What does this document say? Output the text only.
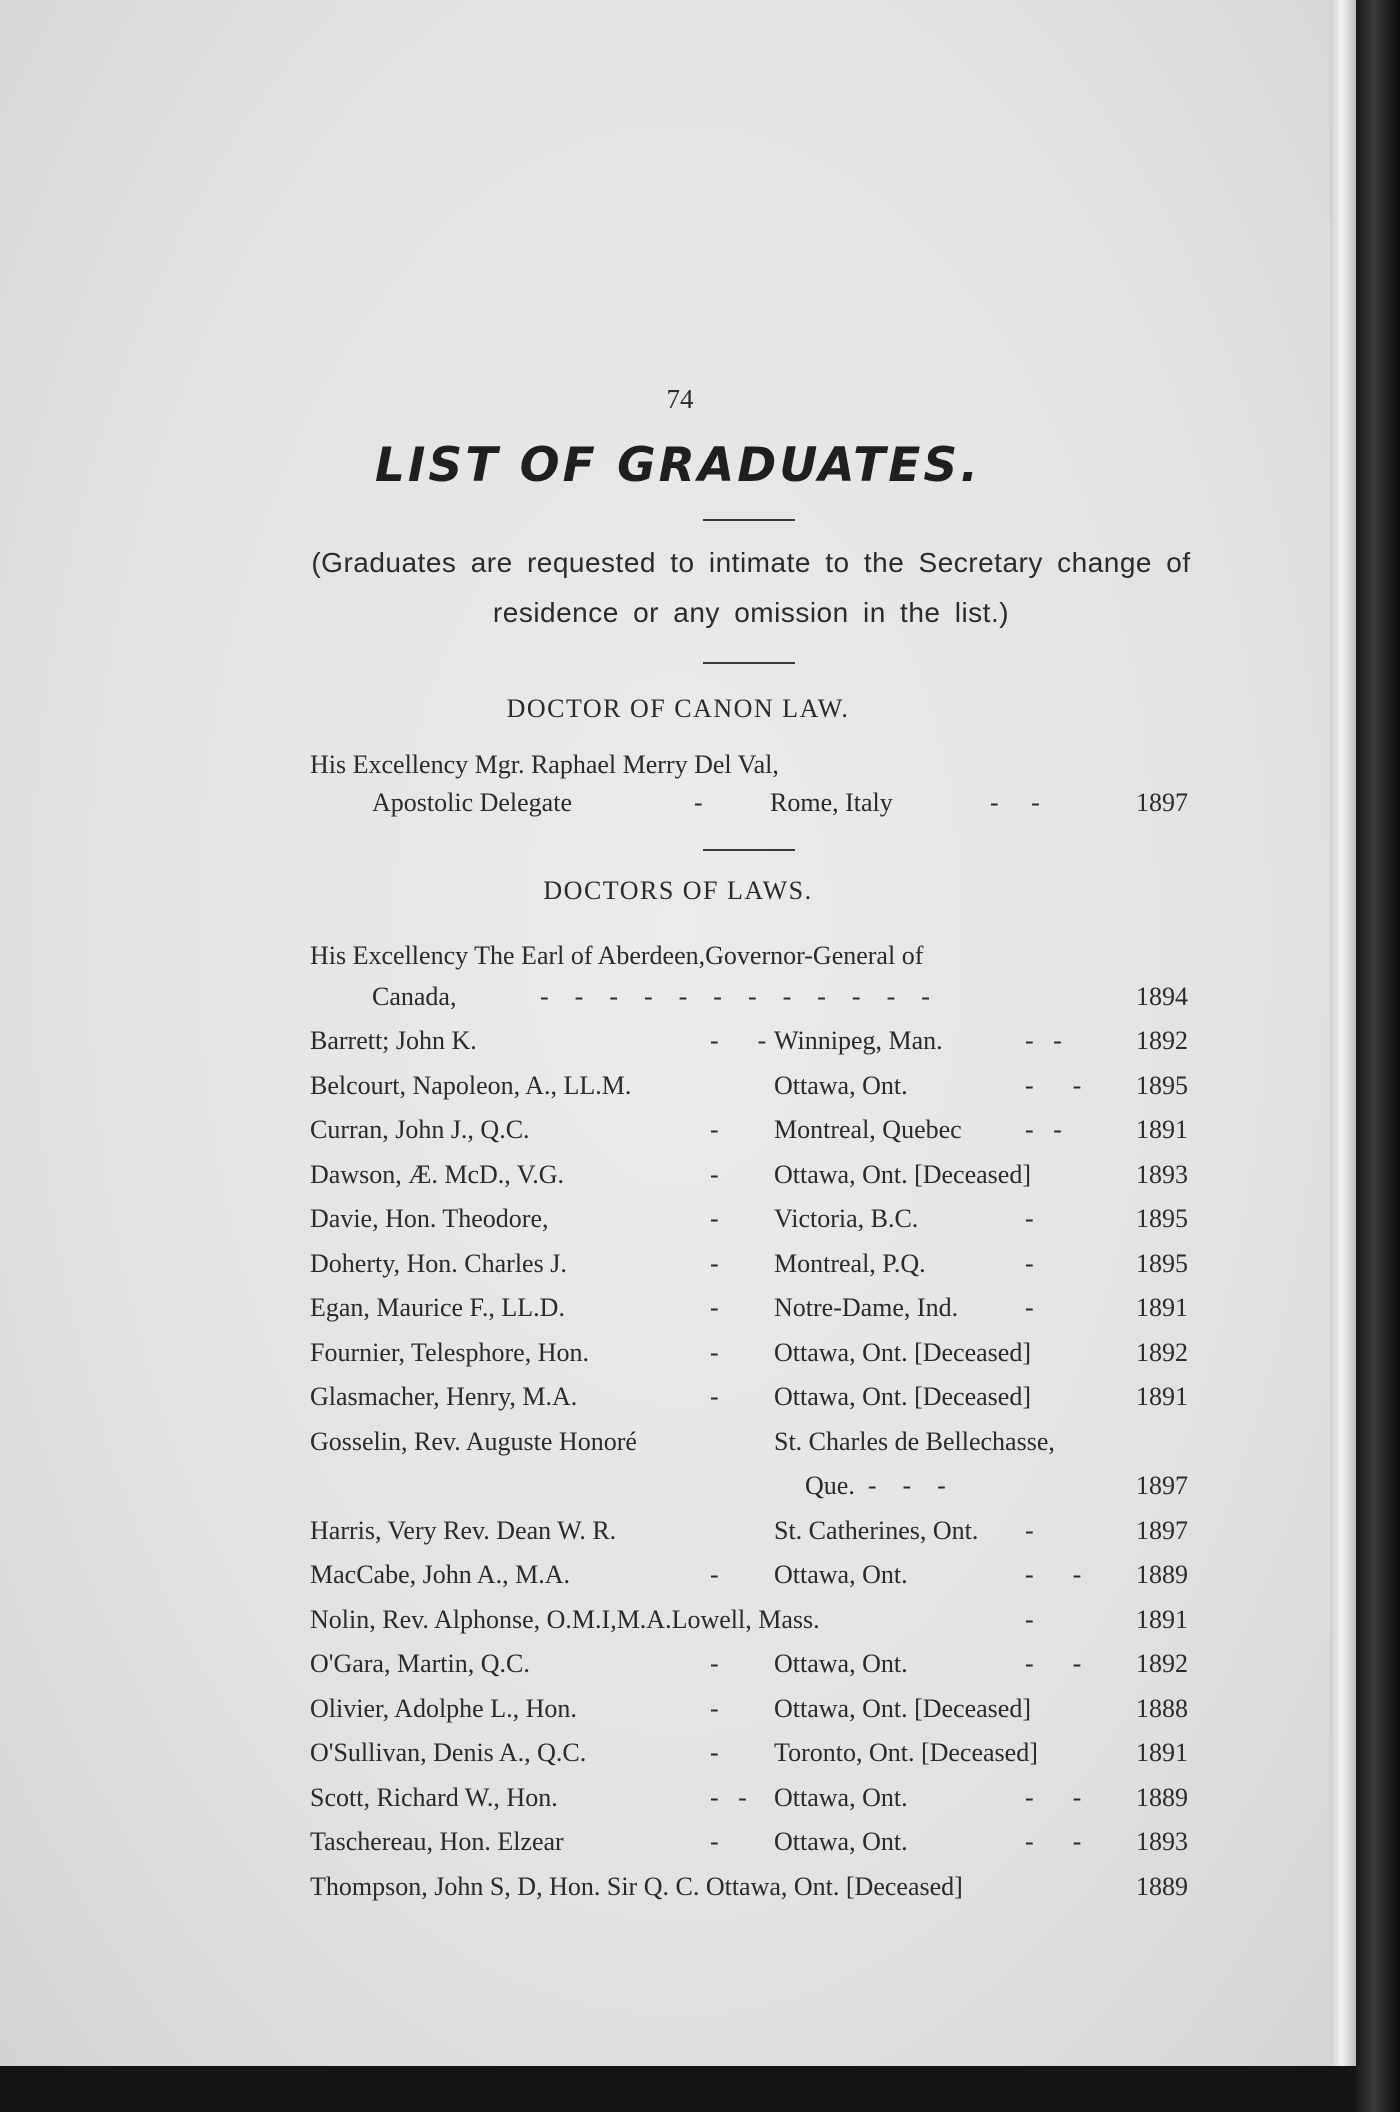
74
LIST OF GRADUATES.
(Graduates are requested to intimate to the Secretary change of
residence or any omission in the list.)
DOCTOR OF CANON LAW.
His Excellency Mgr. Raphael Merry Del Val,
Apostolic Delegate	-	Rome, Italy	-     -	1897
DOCTORS OF LAWS.
His Excellency The Earl of Aberdeen,Governor-General of
Canada,	-    -    -    -    -    -    -    -    -    -    -    -	1894
Barrett; John K.	-      - Winnipeg, Man.	-   -	1892
Belcourt, Napoleon, A., LL.M.	Ottawa, Ont.	-      - 1895
Curran, John J., Q.C.	- Montreal, Quebec -   -	1891
Dawson, Æ. McD., V.G.	- Ottawa, Ont. [Deceased]	1893
Davie, Hon. Theodore,	- Victoria, B.C.	-	1895
Doherty, Hon. Charles J.	- Montreal, P.Q.	-	1895
Egan, Maurice F., LL.D.	- Notre-Dame, Ind.	-	1891
Fournier, Telesphore, Hon.	- Ottawa, Ont. [Deceased]	1892
Glasmacher, Henry, M.A.	- Ottawa, Ont. [Deceased]	1891
Gosselin, Rev. Auguste Honoré	St. Charles de Bellechasse,
Que.  -    -    -	1897
Harris, Very Rev. Dean W. R.	St. Catherines, Ont. -	1897
MacCabe, John A., M.A.	- Ottawa, Ont.	-      - 1889
Nolin, Rev. Alphonse, O.M.I,M.A.Lowell, Mass.	-	1891
O'Gara, Martin, Q.C.	- Ottawa, Ont.	-      - 1892
Olivier, Adolphe L., Hon.	- Ottawa, Ont. [Deceased]	1888
O'Sullivan, Denis A., Q.C.	- Toronto, Ont. [Deceased]	1891
Scott, Richard W., Hon.	-   - Ottawa, Ont.	-      - 1889
Taschereau, Hon. Elzear	- Ottawa, Ont.	-      - 1893
Thompson, John S, D, Hon. Sir Q. C. Ottawa, Ont. [Deceased]	1889
